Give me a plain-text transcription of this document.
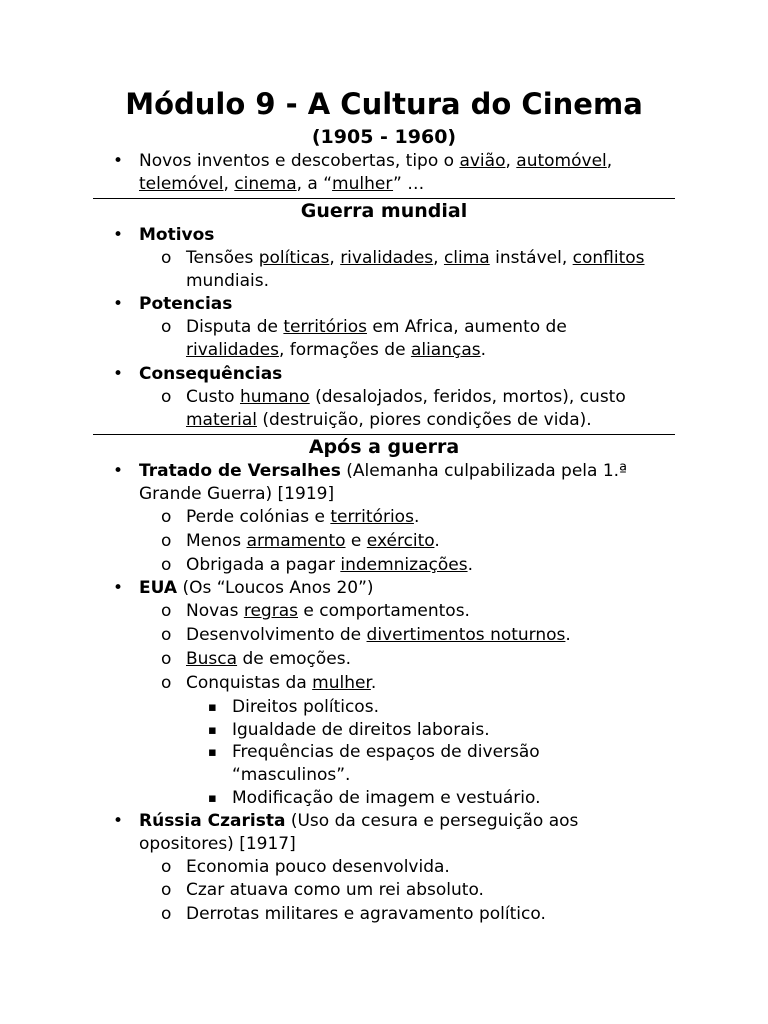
Módulo 9 - A Cultura do Cinema
(1905 - 1960)
• Novos inventos e descobertas, tipo o avião, automóvel,
telemóvel, cinema, a “mulher” …
Guerra mundial
• Motivos
o Tensões políticas, rivalidades, clima instável, conflitos
mundiais.
• Potencias
o Disputa de territórios em Africa, aumento de
rivalidades, formações de alianças.
• Consequências
o Custo humano (desalojados, feridos, mortos), custo
material (destruição, piores condições de vida).
Após a guerra
• Tratado de Versalhes (Alemanha culpabilizada pela 1.ª
Grande Guerra) [1919]
o Perde colónias e territórios.
o Menos armamento e exército.
o Obrigada a pagar indemnizações.
• EUA (Os “Loucos Anos 20”)
o Novas regras e comportamentos.
o Desenvolvimento de divertimentos noturnos.
o Busca de emoções.
o Conquistas da mulher.
▪ Direitos políticos.
▪ Igualdade de direitos laborais.
▪ Frequências de espaços de diversão
“masculinos”.
▪ Modificação de imagem e vestuário.
• Rússia Czarista (Uso da cesura e perseguição aos
opositores) [1917]
o Economia pouco desenvolvida.
o Czar atuava como um rei absoluto.
o Derrotas militares e agravamento político.
